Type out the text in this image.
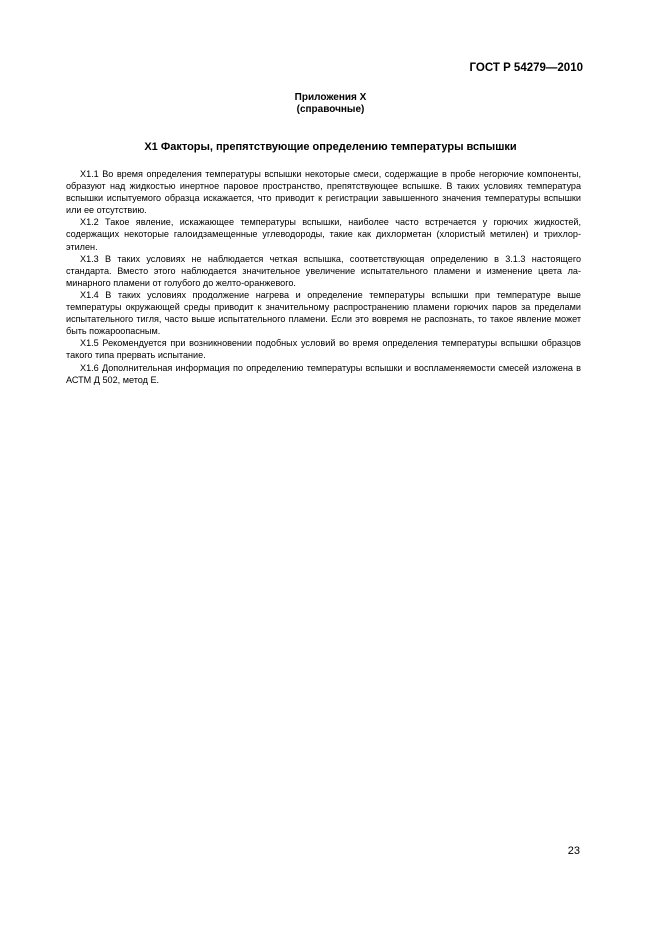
ГОСТ Р 54279—2010
Приложения Х
(справочные)
Х1 Факторы, препятствующие определению температуры вспышки

Х1.1 Во время определения температуры вспышки некоторые смеси, содержащие в пробе негорючие компоненты, образуют над жидкостью инертное паровое пространство, препятствующее вспышке. В таких условиях температура вспышки испытуемого образца искажается, что приводит к регистрации завышенного значения температуры вспышки или ее отсутствию.

Х1.2 Такое явление, искажающее температуры вспышки, наиболее часто встречается у горючих жидкостей, содержащих некоторые галоидзамещенные углеводороды, такие как дихлорметан (хлористый метилен) и трихлорэтилен.

Х1.3 В таких условиях не наблюдается четкая вспышка, соответствующая определению в 3.1.3 настоящего стандарта. Вместо этого наблюдается значительное увеличение испытательного пламени и изменение цвета ламинарного пламени от голубого до желто-оранжевого.

Х1.4 В таких условиях продолжение нагрева и определение температуры вспышки при температуре выше температуры окружающей среды приводит к значительному распространению пламени горючих паров за пределами испытательного тигля, часто выше испытательного пламени. Если это вовремя не распознать, то такое явление может быть пожароопасным.

Х1.5 Рекомендуется при возникновении подобных условий во время определения температуры вспышки образцов такого типа прервать испытание.

Х1.6 Дополнительная информация по определению температуры вспышки и воспламеняемости смесей изложена в АСТМ Д 502, метод Е.

23
